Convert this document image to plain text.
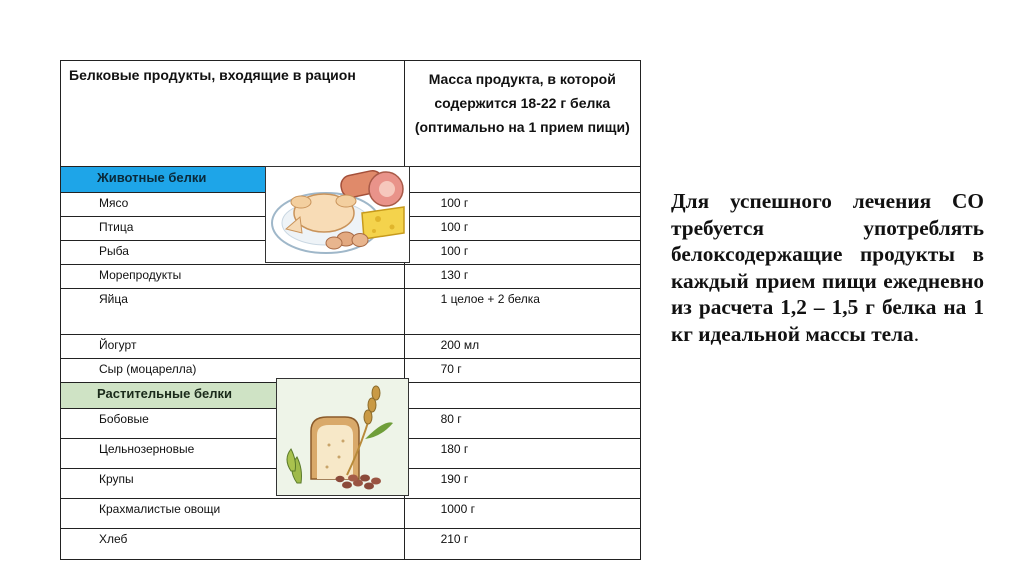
Белковые продукты, входящие в рацион	Масса продукта, в которой содержится 18-22 г белка (оптимально на 1 прием пищи)
Животные белки	
Мясо	100 г
Птица	100 г
Рыба	100 г
Морепродукты	130 г
Яйца	1 целое + 2 белка
Йогурт	200 мл
Сыр (моцарелла)	70 г
Растительные белки	
Бобовые	80 г
Цельнозерновые	180 г
Крупы	190 г
Крахмалистые овощи	1000 г
Хлеб	210 г
Для успешного лечения СО требуется употреблять белоксодержащие продукты в каждый прием пищи ежедневно из расчета 1,2 – 1,5 г белка на 1 кг идеальной массы тела.
